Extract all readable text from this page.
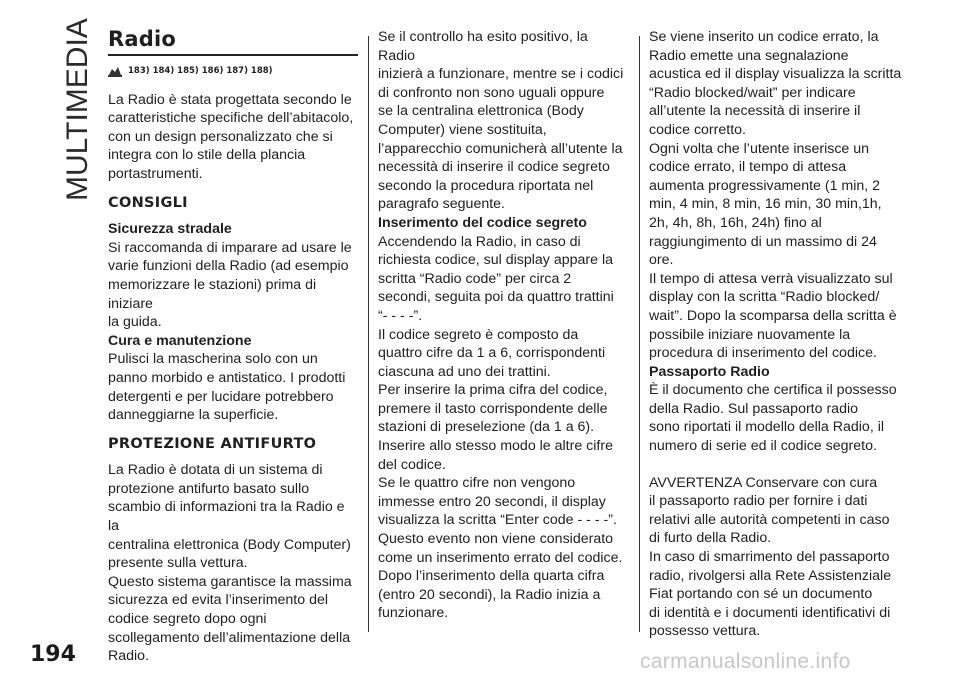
MULTIMEDIA Radio
183) 184) 185) 186) 187) 188)

La Radio è stata progettata secondo le

caratteristiche specifiche dell’abitacolo,

con un design personalizzato che si

integra con lo stile della plancia

portastrumenti.

CONSIGLI

Sicurezza stradale

Si raccomanda di imparare ad usare le

varie funzioni della Radio (ad esempio

memorizzare le stazioni) prima di iniziare

la guida.

Cura e manutenzione

Pulisci la mascherina solo con un

panno morbido e antistatico. I prodotti

detergenti e per lucidare potrebbero

danneggiarne la superficie.

PROTEZIONE ANTIFURTO

La Radio è dotata di un sistema di

protezione antifurto basato sullo

scambio di informazioni tra la Radio e la

centralina elettronica (Body Computer)

presente sulla vettura.

Questo sistema garantisce la massima

sicurezza ed evita l’inserimento del

codice segreto dopo ogni

scollegamento dell’alimentazione della

Radio.

Se il controllo ha esito positivo, la Radio

inizierà a funzionare, mentre se i codici

di confronto non sono uguali oppure

se la centralina elettronica (Body

Computer) viene sostituita,

l’apparecchio comunicherà all’utente la

necessità di inserire il codice segreto

secondo la procedura riportata nel

paragrafo seguente.

Inserimento del codice segreto

Accendendo la Radio, in caso di

richiesta codice, sul display appare la

scritta “Radio code” per circa 2

secondi, seguita poi da quattro trattini

“- - - -”.

Il codice segreto è composto da

quattro cifre da 1 a 6, corrispondenti

ciascuna ad uno dei trattini.

Per inserire la prima cifra del codice,

premere il tasto corrispondente delle

stazioni di preselezione (da 1 a 6).

Inserire allo stesso modo le altre cifre

del codice.

Se le quattro cifre non vengono

immesse entro 20 secondi, il display

visualizza la scritta “Enter code - - - -”.

Questo evento non viene considerato

come un inserimento errato del codice.

Dopo l’inserimento della quarta cifra

(entro 20 secondi), la Radio inizia a

funzionare.

Se viene inserito un codice errato, la

Radio emette una segnalazione

acustica ed il display visualizza la scritta

“Radio blocked/wait” per indicare

all’utente la necessità di inserire il

codice corretto.

Ogni volta che l’utente inserisce un

codice errato, il tempo di attesa

aumenta progressivamente (1 min, 2

min, 4 min, 8 min, 16 min, 30 min,1h,

2h, 4h, 8h, 16h, 24h) fino al

raggiungimento di un massimo di 24

ore.

Il tempo di attesa verrà visualizzato sul

display con la scritta “Radio blocked/

wait”. Dopo la scomparsa della scritta è

possibile iniziare nuovamente la

procedura di inserimento del codice.

Passaporto Radio

È il documento che certifica il possesso

della Radio. Sul passaporto radio

sono riportati il modello della Radio, il

numero di serie ed il codice segreto.

AVVERTENZA Conservare con cura

il passaporto radio per fornire i dati

relativi alle autorità competenti in caso

di furto della Radio.

In caso di smarrimento del passaporto

radio, rivolgersi alla Rete Assistenziale

Fiat portando con sé un documento

di identità e i documenti identificativi di

possesso vettura.

194	carmanualsonline.info
